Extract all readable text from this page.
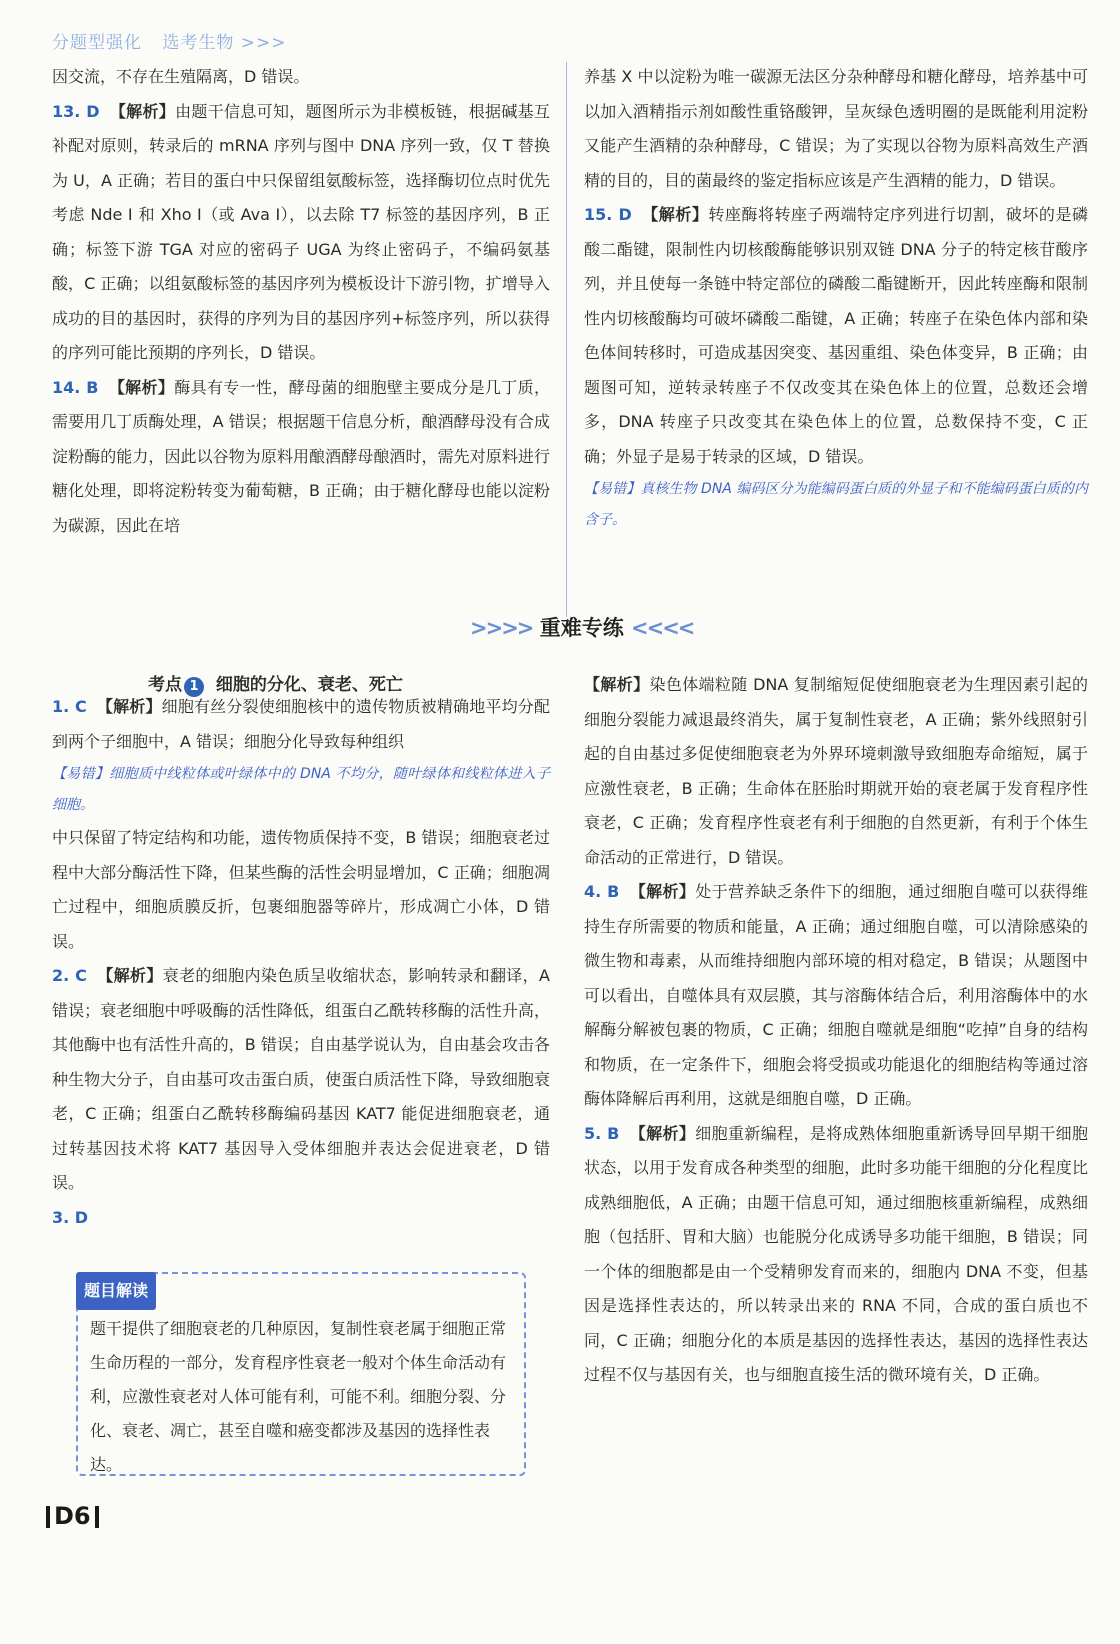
分题型强化 选考生物 >>>

因交流，不存在生殖隔离，D 错误。

13. D 【解析】由题干信息可知，题图所示为非模板链，根据碱基互补配对原则，转录后的 mRNA 序列与图中 DNA 序列一致，仅 T 替换为 U，A 正确；若目的蛋白中只保留组氨酸标签，选择酶切位点时优先考虑 Nde Ⅰ 和 Xho Ⅰ（或 Ava Ⅰ），以去除 T7 标签的基因序列，B 正确；标签下游 TGA 对应的密码子 UGA 为终止密码子，不编码氨基酸，C 正确；以组氨酸标签的基因序列为模板设计下游引物，扩增导入成功的目的基因时，获得的序列为目的基因序列+标签序列，所以获得的序列可能比预期的序列长，D 错误。

14. B 【解析】酶具有专一性，酵母菌的细胞壁主要成分是几丁质，需要用几丁质酶处理，A 错误；根据题干信息分析，酿酒酵母没有合成淀粉酶的能力，因此以谷物为原料用酿酒酵母酿酒时，需先对原料进行糖化处理，即将淀粉转变为葡萄糖，B 正确；由于糖化酵母也能以淀粉为碳源，因此在培

养基 X 中以淀粉为唯一碳源无法区分杂种酵母和糖化酵母，培养基中可以加入酒精指示剂如酸性重铬酸钾，呈灰绿色透明圈的是既能利用淀粉又能产生酒精的杂种酵母，C 错误；为了实现以谷物为原料高效生产酒精的目的，目的菌最终的鉴定指标应该是产生酒精的能力，D 错误。

15. D 【解析】转座酶将转座子两端特定序列进行切割，破坏的是磷酸二酯键，限制性内切核酸酶能够识别双链 DNA 分子的特定核苷酸序列，并且使每一条链中特定部位的磷酸二酯键断开，因此转座酶和限制性内切核酸酶均可破坏磷酸二酯键，A 正确；转座子在染色体内部和染色体间转移时，可造成基因突变、基因重组、染色体变异，B 正确；由题图可知，逆转录转座子不仅改变其在染色体上的位置，总数还会增多，DNA 转座子只改变其在染色体上的位置，总数保持不变，C 正确；外显子是易于转录的区域，D 错误。

【易错】真核生物 DNA 编码区分为能编码蛋白质的外显子和不能编码蛋白质的内含子。

>>>> 重难专练 <<<<
考点 1 细胞的分化、衰老、死亡

1. C 【解析】细胞有丝分裂使细胞核中的遗传物质被精确地平均分配到两个子细胞中，A 错误；细胞分化导致每种组织

【易错】细胞质中线粒体或叶绿体中的 DNA 不均分，随叶绿体和线粒体进入子细胞。

中只保留了特定结构和功能，遗传物质保持不变，B 错误；细胞衰老过程中大部分酶活性下降，但某些酶的活性会明显增加，C 正确；细胞凋亡过程中，细胞质膜反折，包裹细胞器等碎片，形成凋亡小体，D 错误。

2. C 【解析】衰老的细胞内染色质呈收缩状态，影响转录和翻译，A 错误；衰老细胞中呼吸酶的活性降低，组蛋白乙酰转移酶的活性升高，其他酶中也有活性升高的，B 错误；自由基学说认为，自由基会攻击各种生物大分子，自由基可攻击蛋白质，使蛋白质活性下降，导致细胞衰老，C 正确；组蛋白乙酰转移酶编码基因 KAT7 能促进细胞衰老，通过转基因技术将 KAT7 基因导入受体细胞并表达会促进衰老，D 错误。

3. D

题目解读
题干提供了细胞衰老的几种原因，复制性衰老属于细胞正常生命历程的一部分，发育程序性衰老一般对个体生命活动有利，应激性衰老对人体可能有利，可能不利。细胞分裂、分化、衰老、凋亡，甚至自噬和癌变都涉及基因的选择性表达。

【解析】染色体端粒随 DNA 复制缩短促使细胞衰老为生理因素引起的细胞分裂能力减退最终消失，属于复制性衰老，A 正确；紫外线照射引起的自由基过多促使细胞衰老为外界环境刺激导致细胞寿命缩短，属于应激性衰老，B 正确；生命体在胚胎时期就开始的衰老属于发育程序性衰老，C 正确；发育程序性衰老有利于细胞的自然更新，有利于个体生命活动的正常进行，D 错误。

4. B 【解析】处于营养缺乏条件下的细胞，通过细胞自噬可以获得维持生存所需要的物质和能量，A 正确；通过细胞自噬，可以清除感染的微生物和毒素，从而维持细胞内部环境的相对稳定，B 错误；从题图中可以看出，自噬体具有双层膜，其与溶酶体结合后，利用溶酶体中的水解酶分解被包裹的物质，C 正确；细胞自噬就是细胞“吃掉”自身的结构和物质，在一定条件下，细胞会将受损或功能退化的细胞结构等通过溶酶体降解后再利用，这就是细胞自噬，D 正确。

5. B 【解析】细胞重新编程，是将成熟体细胞重新诱导回早期干细胞状态，以用于发育成各种类型的细胞，此时多功能干细胞的分化程度比成熟细胞低，A 正确；由题干信息可知，通过细胞核重新编程，成熟细胞（包括肝、胃和大脑）也能脱分化成诱导多功能干细胞，B 错误；同一个体的细胞都是由一个受精卵发育而来的，细胞内 DNA 不变，但基因是选择性表达的，所以转录出来的 RNA 不同，合成的蛋白质也不同，C 正确；细胞分化的本质是基因的选择性表达，基因的选择性表达过程不仅与基因有关，也与细胞直接生活的微环境有关，D 正确。

D6
